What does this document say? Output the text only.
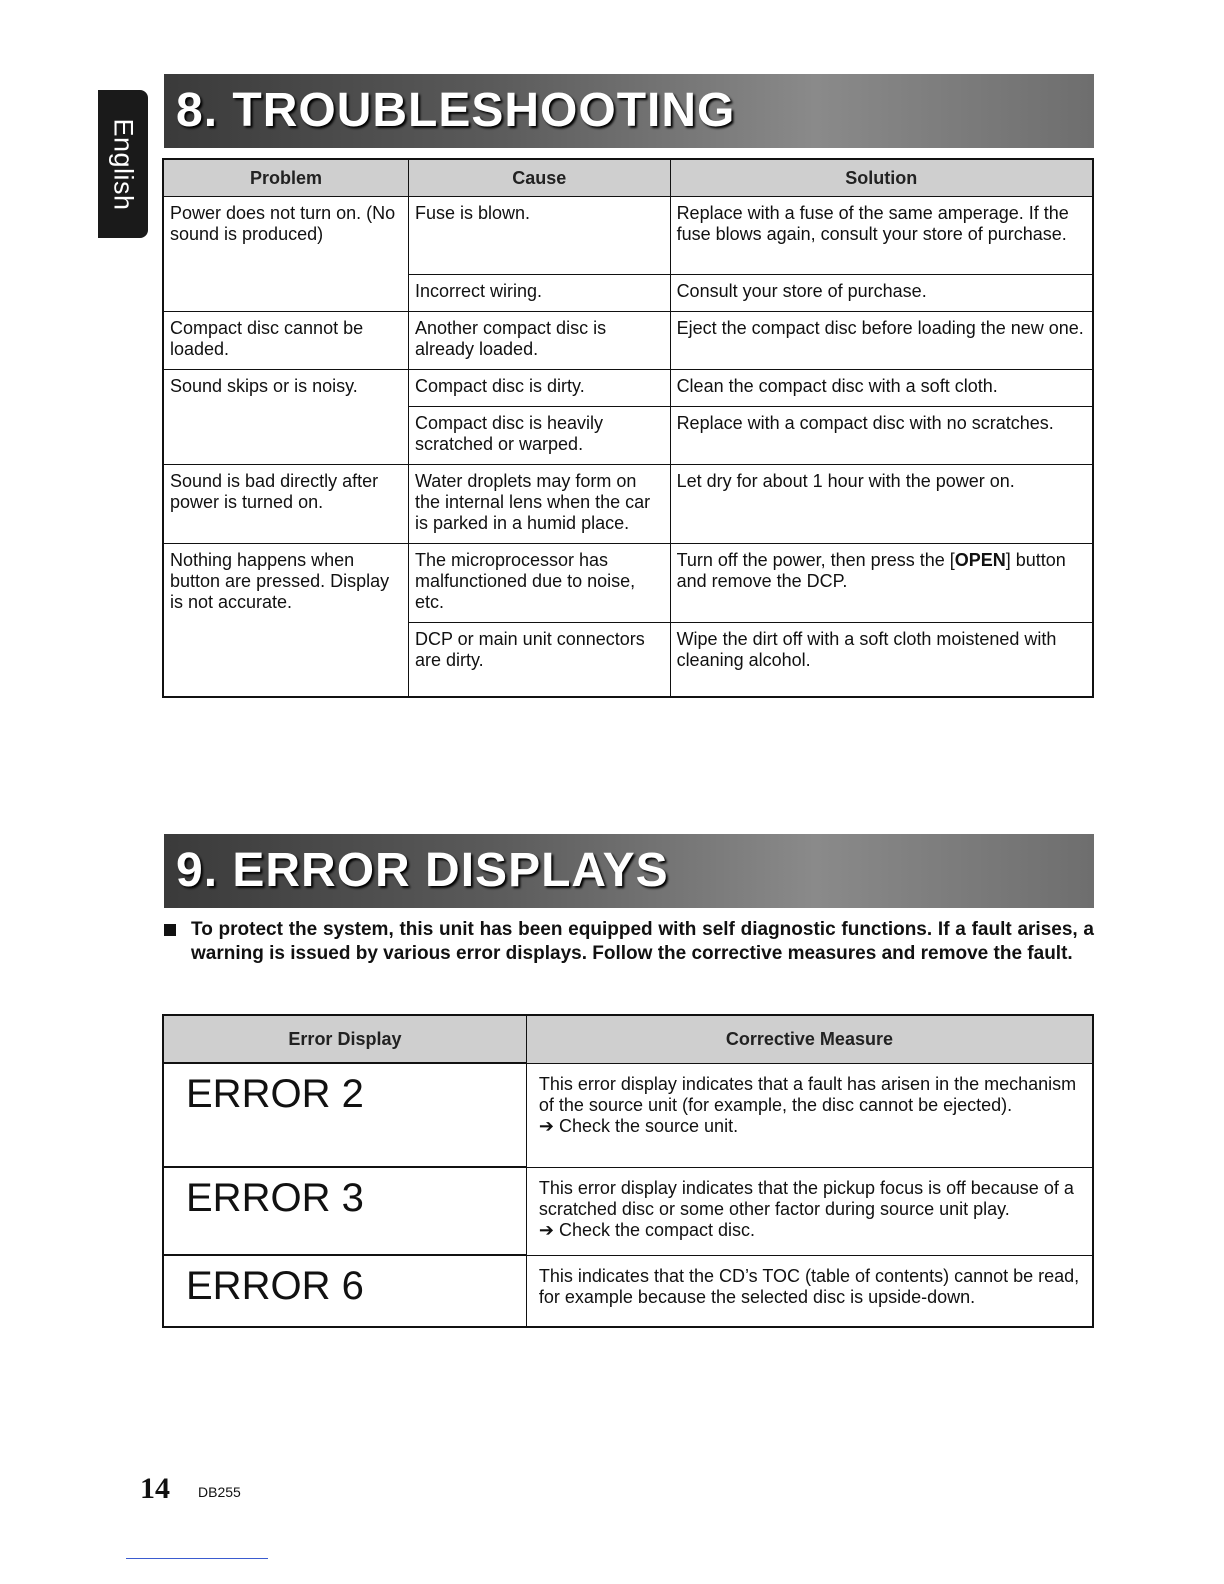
English
8. TROUBLESHOOTING
Problem	Cause	Solution
Power does not turn on. (No sound is produced)	Fuse is blown.	Replace with a fuse of the same amperage. If the fuse blows again, consult your store of purchase.
	Incorrect wiring.	Consult your store of purchase.
Compact disc cannot be loaded.	Another compact disc is already loaded.	Eject the compact disc before loading the new one.
Sound skips or is noisy.	Compact disc is dirty.	Clean the compact disc with a soft cloth.
	Compact disc is heavily scratched or warped.	Replace with a compact disc with no scratches.
Sound is bad directly after power is turned on.	Water droplets may form on the internal lens when the car is parked in a humid place.	Let dry for about 1 hour with the power on.
Nothing happens when button are pressed. Display is not accurate.	The microprocessor has malfunctioned due to noise, etc.	Turn off the power, then press the [OPEN] button and remove the DCP.
	DCP or main unit connectors are dirty.	Wipe the dirt off with a soft cloth moistened with cleaning alcohol.
9. ERROR DISPLAYS
To protect the system, this unit has been equipped with self diagnostic functions. If a fault arises, a warning is issued by various error displays. Follow the corrective measures and remove the fault.
Error Display	Corrective Measure
ERROR 2	This error display indicates that a fault has arisen in the mechanism of the source unit (for example, the disc cannot be ejected).
➔ Check the source unit.

ERROR 3	This error display indicates that the pickup focus is off because of a scratched disc or some other factor during source unit play.
➔ Check the compact disc.

ERROR 6	This indicates that the CD’s TOC (table of contents) cannot be read, for example because the selected disc is upside-down.
14 DB255
